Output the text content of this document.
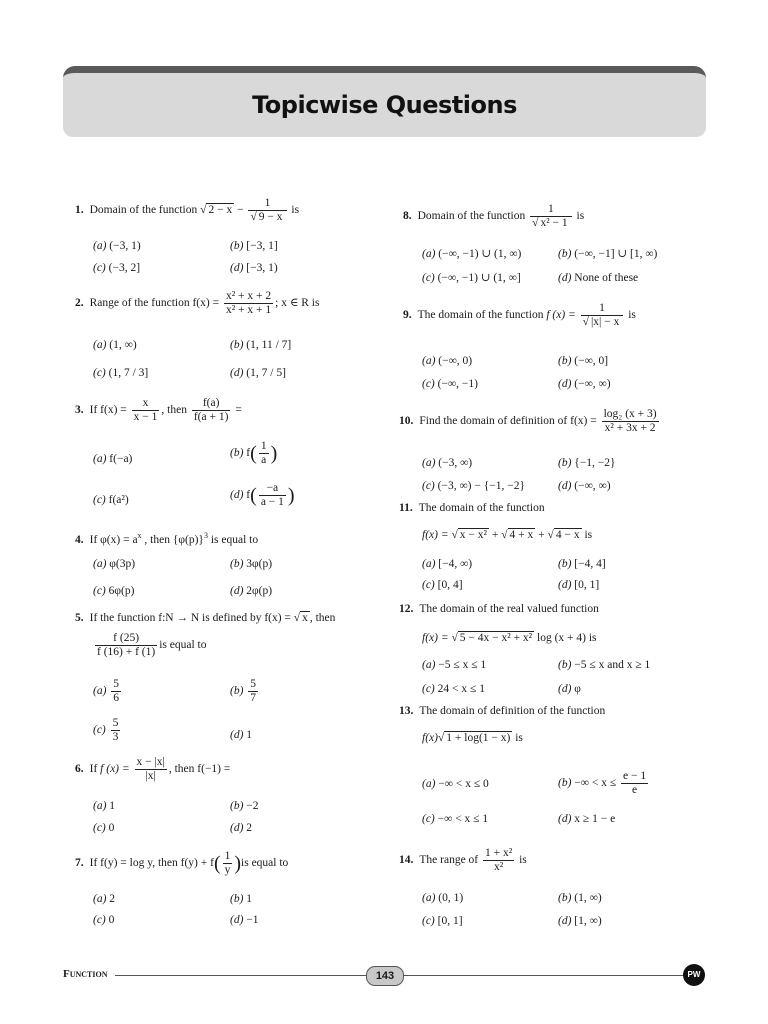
Topicwise Questions
1. Domain of the function √ 2 − x − 1
√ 9 − x is
(a) (−3, 1)	(b) [−3, 1]
(c) (−3, 2]	(d) [−3, 1)
2. Range of the function $f(x) = \frac{\text{x² + x + 2}}{\text{x² + x + 1}}$ ; x ∈ R is
(a) (1, ∞)	(b) (1, 11 / 7]
(c) (1, 7 / 3]	(d) (1, 7 / 5]
3. If $f(x) = \frac{x}{x - 1}$ , then $\frac{f(a)}{f(a + 1)}$ =
(a) f(−a)	(b) $f( \frac{1}{a}$ )
(c) f(a²)	(d) $f( \frac{-a}{a - 1}$ )
4. If $\varphi(x) = a^x$ , then $\{\varphi(p)\}^3$ is equal to
(a) φ(3p)	(b) 3φ(p)
(c) 6φ(p)	(d) 2φ(p)
5. If the function f:N → N is defined by f(x) = √ x , then
$\frac{f (25)}{f (16) + f (1)}$ is equal to
$(a) \frac{5}{6}$	$(b) \frac{5}{7}$
$(c) \frac{5}{3}$	(d) 1
6. If f $(x) = \frac{x - |x|}{|x|}$ , then f(−1) =
(a) 1	(b) −2
(c) 0	(d) 2
7. If f(y) = log y, then $f(y) + f( \frac{1}{y} )is$ equal to
(a) 2	(b) 1
(c) 0	(d) −1
8. Domain of the function 1
√ x² − 1 is
(a) (−∞, −1) ∪ (1, ∞)	(b) (−∞, −1] ∪ [1, ∞)
(c) (−∞, −1) ∪ (1, ∞]	(d) None of these
9. The domain of the function f (x) = 1
√ |x| − x is
(a) (−∞, 0)	(b) (−∞, 0]
(c) (−∞, −1)	(d) (−∞, ∞)
10. Find the domain of definition of $f(x) = \frac{\text{log₂ (x + 3)}}{\text{x² + 3x + 2}}$
(a) (−3, ∞)	(b) {−1, −2}
(c) (−3, ∞) − {−1, −2}	(d) (−∞, ∞)
11. The domain of the function
f(x) = √ x − x² + √ 4 + x + √ 4 − x is
(a) [−4, ∞)	(b) [−4, 4]
(c) [0, 4]	(d) [0, 1]
12. The domain of the real valued function
f(x) = √ 5 − 4x − x² + x² log (x + 4) is
(a) −5 ≤ x ≤ 1	(b) −5 ≤ x and x ≥ 1
(c) 24 < x ≤ 1	(d) φ
13. The domain of definition of the function
f(x) √ 1 + log(1 − x) is
(a) −∞ < x ≤ 0	(b) −∞ < $x \le \frac{e - 1}{e}$
(c) −∞ < x ≤ 1	(d) x ≥ 1 − e
14. The range of $\frac{\text{1 + x²}}{\text{x²}}$ is
(a) (0, 1)	(b) (1, ∞)
(c) [0, 1]	(d) [1, ∞)
Function	143	PW
